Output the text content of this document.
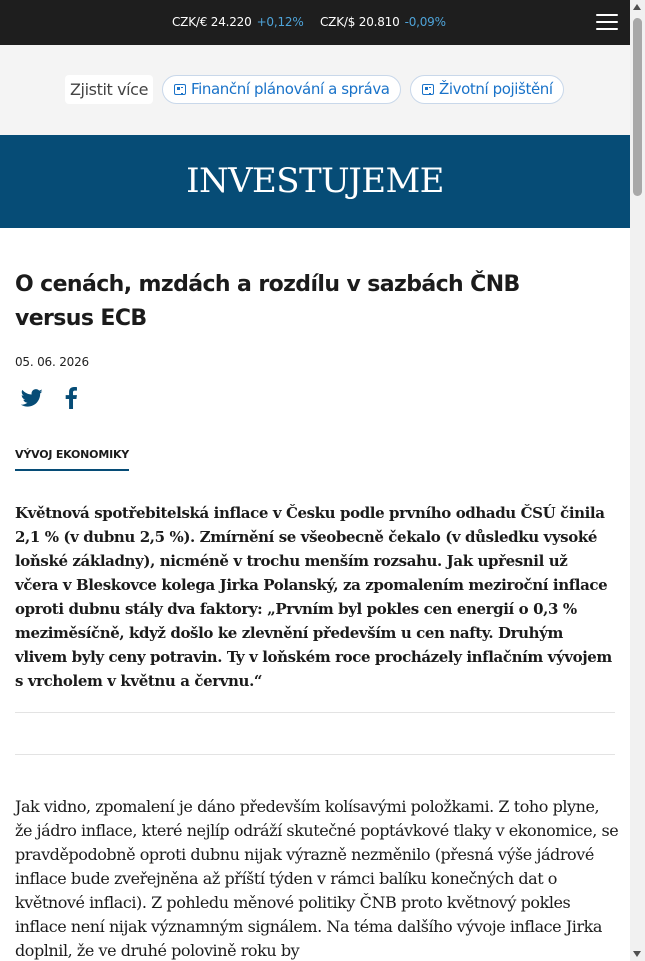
CZK/€ 24.220 +0,12% CZK/$ 20.810 -0,09%
Zjistit více	Finanční plánování a správa	Životní pojištění
INVESTUJEME
O cenách, mzdách a rozdílu v sazbách ČNB versus ECB
05. 06. 2026
VÝVOJ EKONOMIKY

Květnová spotřebitelská inflace v Česku podle prvního odhadu ČSÚ činila 2,1 % (v dubnu 2,5 %). Zmírnění se všeobecně čekalo (v důsledku vysoké loňské základny), nicméně v trochu menším rozsahu. Jak upřesnil už včera v Bleskovce kolega Jirka Polanský, za zpomalením meziroční inflace oproti dubnu stály dva faktory: „Prvním byl pokles cen energií o 0,3 % meziměsíčně, když došlo ke zlevnění především u cen nafty. Druhým vlivem byly ceny potravin. Ty v loňském roce procházely inflačním vývojem s vrcholem v květnu a červnu.“

Jak vidno, zpomalení je dáno především kolísavými položkami. Z toho plyne, že jádro inflace, které nejlíp odráží skutečné poptávkové tlaky v ekonomice, se pravděpodobně oproti dubnu nijak výrazně nezměnilo (přesná výše jádrové inflace bude zveřejněna až příští týden v rámci balíku konečných dat o květnové inflaci). Z pohledu měnové politiky ČNB proto květnový pokles inflace není nijak významným signálem. Na téma dalšího vývoje inflace Jirka doplnil, že ve druhé polovině roku by
